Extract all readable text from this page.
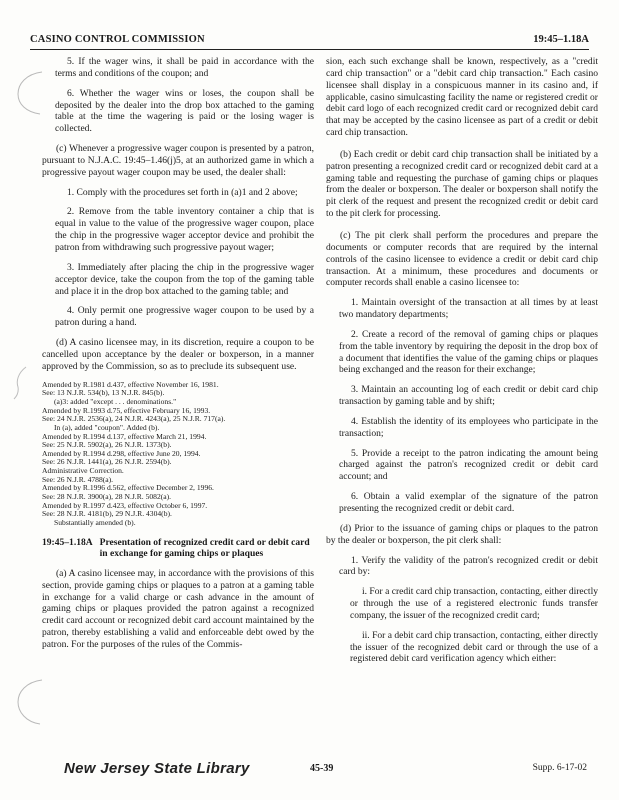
CASINO CONTROL COMMISSION	19:45–1.18A

5. If the wager wins, it shall be paid in accordance with the terms and conditions of the coupon; and

6. Whether the wager wins or loses, the coupon shall be deposited by the dealer into the drop box attached to the gaming table at the time the wagering is paid or the losing wager is collected.

(c) Whenever a progressive wager coupon is presented by a patron, pursuant to N.J.A.C. 19:45–1.46(j)5, at an authorized game in which a progressive payout wager coupon may be used, the dealer shall:

1. Comply with the procedures set forth in (a)1 and 2 above;

2. Remove from the table inventory container a chip that is equal in value to the value of the progressive wager coupon, place the chip in the progressive wager acceptor device and prohibit the patron from withdrawing such progressive payout wager;

3. Immediately after placing the chip in the progressive wager acceptor device, take the coupon from the top of the gaming table and place it in the drop box attached to the gaming table; and

4. Only permit one progressive wager coupon to be used by a patron during a hand.

(d) A casino licensee may, in its discretion, require a coupon to be cancelled upon acceptance by the dealer or boxperson, in a manner approved by the Commission, so as to preclude its subsequent use.

Amended by R.1981 d.437, effective November 16, 1981.
See: 13 N.J.R. 534(b), 13 N.J.R. 845(b).
(a)3: added "except . . . denominations."
Amended by R.1993 d.75, effective February 16, 1993.
See: 24 N.J.R. 2536(a), 24 N.J.R. 4243(a), 25 N.J.R. 717(a).
In (a), added "coupon". Added (b).
Amended by R.1994 d.137, effective March 21, 1994.
See: 25 N.J.R. 5902(a), 26 N.J.R. 1373(b).
Amended by R.1994 d.298, effective June 20, 1994.
See: 26 N.J.R. 1441(a), 26 N.J.R. 2594(b).
Administrative Correction.
See: 26 N.J.R. 4788(a).
Amended by R.1996 d.562, effective December 2, 1996.
See: 28 N.J.R. 3900(a), 28 N.J.R. 5082(a).
Amended by R.1997 d.423, effective October 6, 1997.
See: 28 N.J.R. 4181(b), 29 N.J.R. 4304(b).
Substantially amended (b).
19:45–1.18A Presentation of recognized credit card or debit card in exchange for gaming chips or plaques

(a) A casino licensee may, in accordance with the provisions of this section, provide gaming chips or plaques to a patron at a gaming table in exchange for a valid charge or cash advance in the amount of gaming chips or plaques provided the patron against a recognized credit card account or recognized debit card account maintained by the patron, thereby establishing a valid and enforceable debt owed by the patron. For the purposes of the rules of the Commis-

sion, each such exchange shall be known, respectively, as a "credit card chip transaction" or a "debit card chip transaction." Each casino licensee shall display in a conspicuous manner in its casino and, if applicable, casino simulcasting facility the name or registered credit or debit card logo of each recognized credit card or recognized debit card that may be accepted by the casino licensee as part of a credit or debit card chip transaction.

(b) Each credit or debit card chip transaction shall be initiated by a patron presenting a recognized credit card or recognized debit card at a gaming table and requesting the purchase of gaming chips or plaques from the dealer or boxperson. The dealer or boxperson shall notify the pit clerk of the request and present the recognized credit or debit card to the pit clerk for processing.

(c) The pit clerk shall perform the procedures and prepare the documents or computer records that are required by the internal controls of the casino licensee to evidence a credit or debit card chip transaction. At a minimum, these procedures and documents or computer records shall enable a casino licensee to:

1. Maintain oversight of the transaction at all times by at least two mandatory departments;

2. Create a record of the removal of gaming chips or plaques from the table inventory by requiring the deposit in the drop box of a document that identifies the value of the gaming chips or plaques being exchanged and the reason for their exchange;

3. Maintain an accounting log of each credit or debit card chip transaction by gaming table and by shift;

4. Establish the identity of its employees who participate in the transaction;

5. Provide a receipt to the patron indicating the amount being charged against the patron's recognized credit or debit card account; and

6. Obtain a valid exemplar of the signature of the patron presenting the recognized credit or debit card.

(d) Prior to the issuance of gaming chips or plaques to the patron by the dealer or boxperson, the pit clerk shall:

1. Verify the validity of the patron's recognized credit or debit card by:

i. For a credit card chip transaction, contacting, either directly or through the use of a registered electronic funds transfer company, the issuer of the recognized credit card;

ii. For a debit card chip transaction, contacting, either directly the issuer of the recognized debit card or through the use of a registered debit card verification agency which either:

New Jersey State Library	45-39	Supp. 6-17-02
